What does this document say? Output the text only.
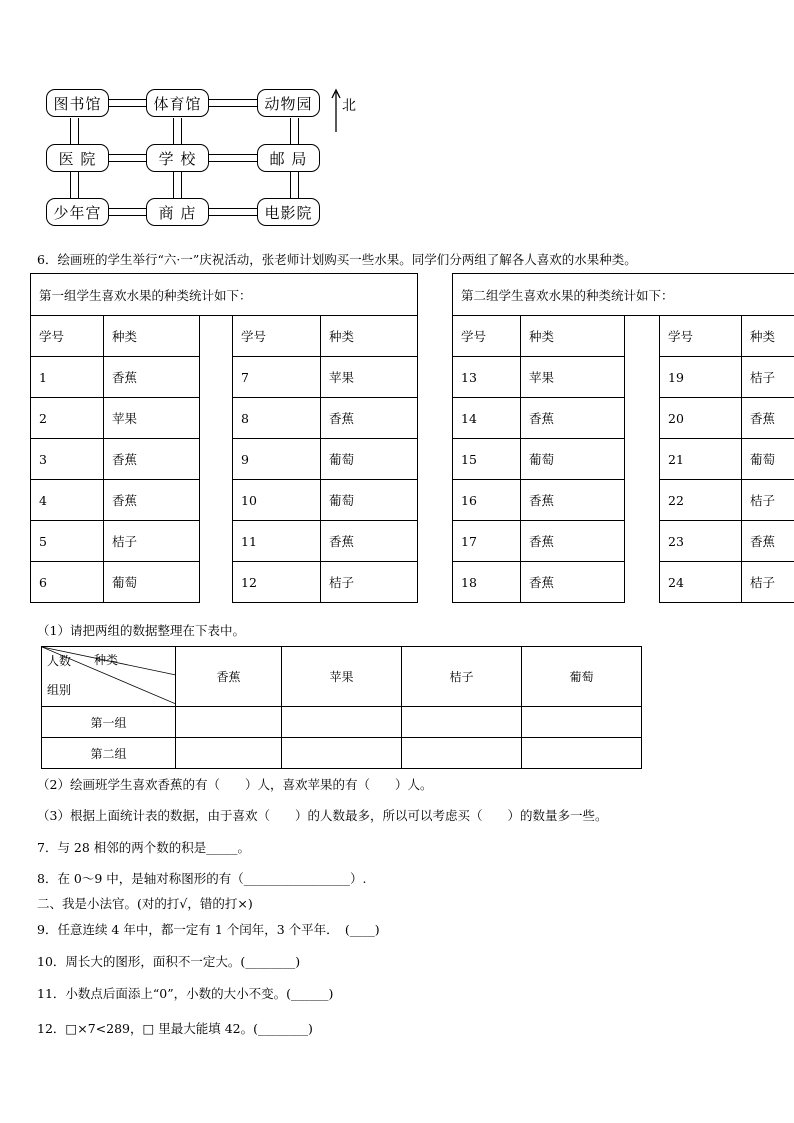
图书馆	体育馆	动物园
医 院	学 校	邮 局
少年宫	商 店	电影院
北
6．绘画班的学生举行“六·一”庆祝活动，张老师计划购买一些水果。同学们分两组了解各人喜欢的水果种类。
第一组学生喜欢水果的种类统计如下：						第二组学生喜欢水果的种类统计如下：				
学号	种类		学号	种类		学号	种类		学号	种类
1	香蕉		7	苹果		13	苹果		19	桔子
2	苹果		8	香蕉		14	香蕉		20	香蕉
3	香蕉		9	葡萄		15	葡萄		21	葡萄
4	香蕉		10	葡萄		16	香蕉		22	桔子
5	桔子		11	香蕉		17	香蕉		23	香蕉
6	葡萄		12	桔子		18	香蕉		24	桔子
（1）请把两组的数据整理在下表中。
人数 种类
组别	香蕉	苹果	桔子	葡萄
第一组				
第二组				
（2）绘画班学生喜欢香蕉的有（　　）人，喜欢苹果的有（　　）人。
（3）根据上面统计表的数据，由于喜欢（　　）的人数最多，所以可以考虑买（　　）的数量多一些。
7．与 28 相邻的两个数的积是_____。
8．在 0～9 中，是轴对称图形的有（_________________）.
二、我是小法官。(对的打√，错的打×)
9．任意连续 4 年中，都一定有 1 个闰年，3 个平年．　(____)
10．周长大的图形，面积不一定大。(________)
11．小数点后面添上“0”，小数的大小不变。(______)
12．□×7<289，□ 里最大能填 42。(________)
